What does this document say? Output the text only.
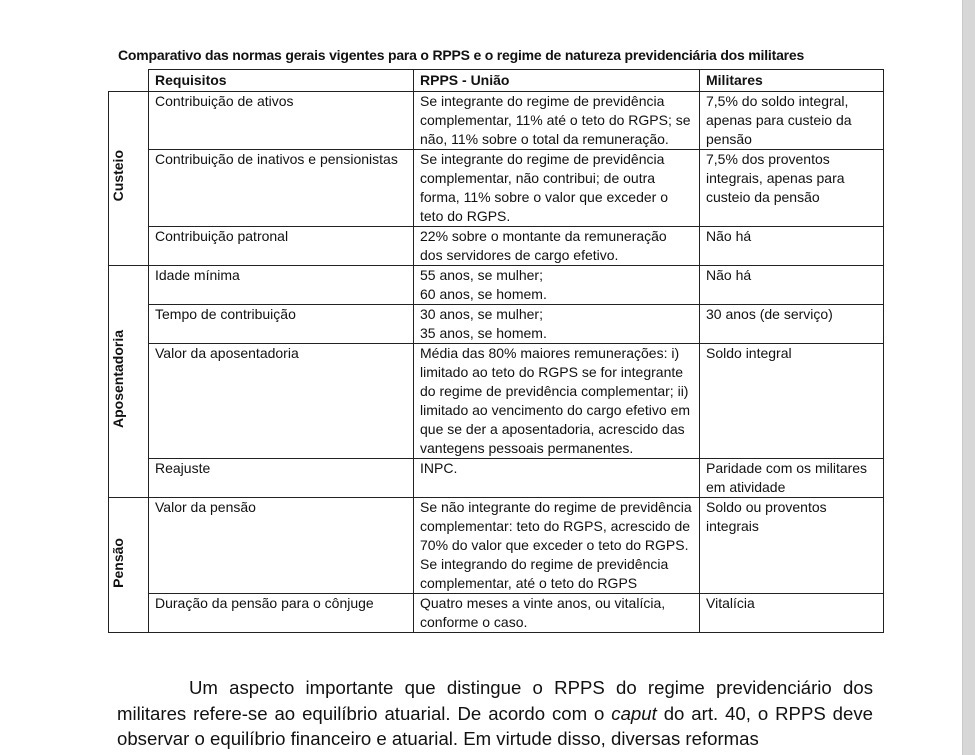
Comparativo das normas gerais vigentes para o RPPS e o regime de natureza previdenciária dos militares
	Requisitos	RPPS - União	Militares
Custeio	Contribuição de ativos	Se integrante do regime de previdência complementar, 11% até o teto do RGPS; se não, 11% sobre o total da remuneração.	7,5% do soldo integral, apenas para custeio da pensão
	Contribuição de inativos e pensionistas	Se integrante do regime de previdência complementar, não contribui; de outra forma, 11% sobre o valor que exceder o teto do RGPS.	7,5% dos proventos integrais, apenas para custeio da pensão
	Contribuição patronal	22% sobre o montante da remuneração dos servidores de cargo efetivo.	Não há
Aposentadoria	Idade mínima	55 anos, se mulher;
60 anos, se homem.	Não há
	Tempo de contribuição	30 anos, se mulher;
35 anos, se homem.	30 anos (de serviço)
	Valor da aposentadoria	Média das 80% maiores remunerações: i) limitado ao teto do RGPS se for integrante do regime de previdência complementar; ii) limitado ao vencimento do cargo efetivo em que se der a aposentadoria, acrescido das vantegens pessoais permanentes.	Soldo integral
	Reajuste	INPC.	Paridade com os militares em atividade
Pensão	Valor da pensão	Se não integrante do regime de previdência complementar: teto do RGPS, acrescido de 70% do valor que exceder o teto do RGPS.
Se integrando do regime de previdência complementar, até o teto do RGPS	Soldo ou proventos integrais
	Duração da pensão para o cônjuge	Quatro meses a vinte anos, ou vitalícia, conforme o caso.	Vitalícia

Um aspecto importante que distingue o RPPS do regime previdenciário dos militares refere-se ao equilíbrio atuarial. De acordo com o caput do art. 40, o RPPS deve observar o equilíbrio financeiro e atuarial. Em virtude disso, diversas reformas
